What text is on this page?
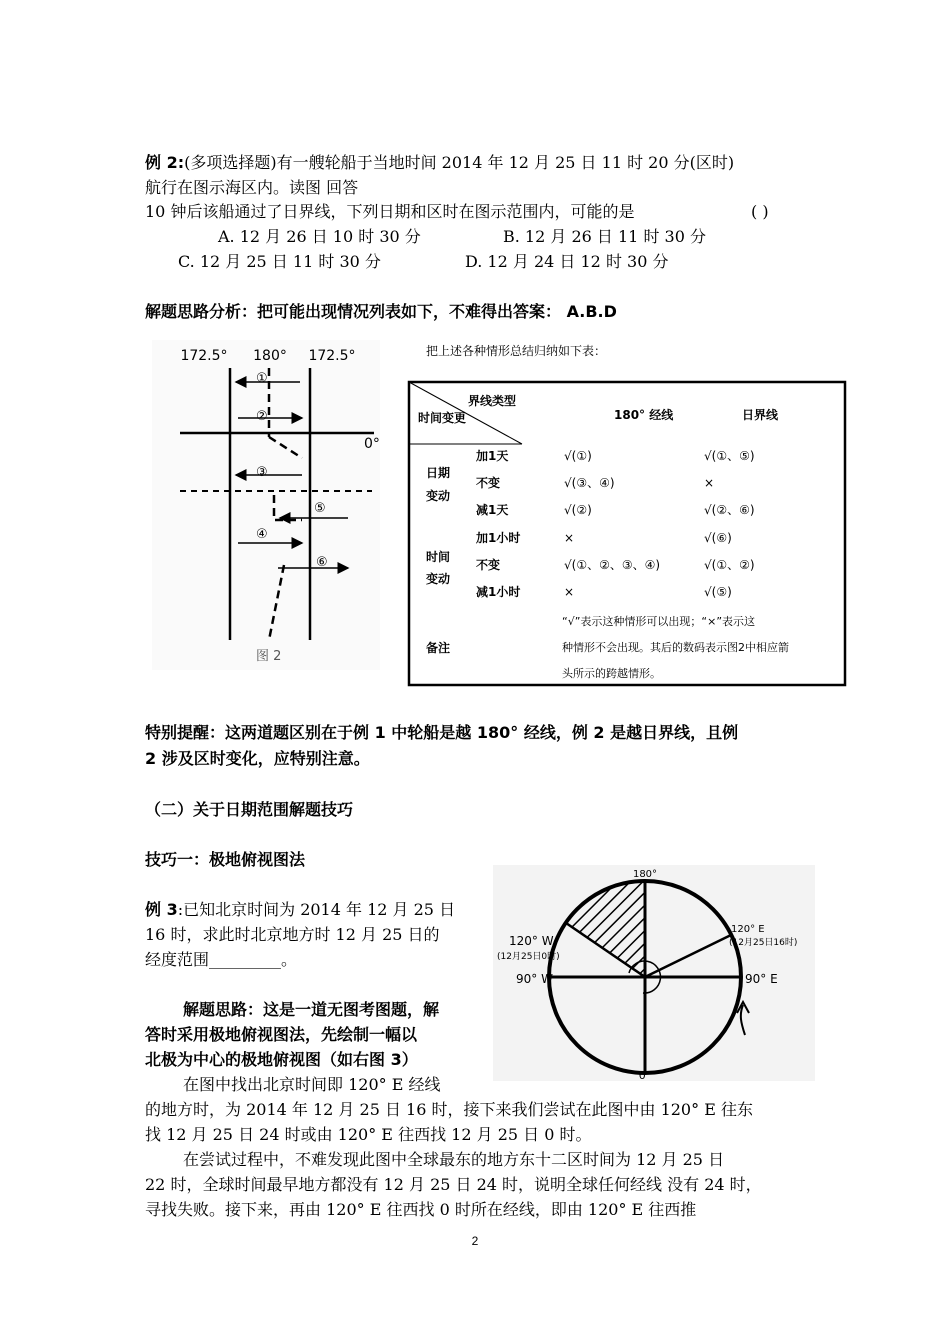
例 2:(多项选择题)有一艘轮船于当地时间 2014 年 12 月 25 日 11 时 20 分(区时)
航行在图示海区内。读图 回答
10 钟后该船通过了日界线，下列日期和区时在图示范围内，可能的是	( )
A. 12 月 26 日 10 时 30 分	B. 12 月 26 日 11 时 30 分
C. 12 月 25 日 11 时 30 分	D. 12 月 24 日 12 时 30 分
解题思路分析：把可能出现情况列表如下，不难得出答案： A.B.D
172.5° 180° 172.5°
0°
①
②
③
④
⑤
⑥
图 2
把上述各种情形总结归纳如下表：
界线类型
时间变更	180° 经线	日界线
日期
变动
时间
变动
备注
加1天	√(①)	√(①、⑤)
不变	√(③、④)	×
减1天	√(②)	√(②、⑥)
加1小时	×	√(⑥)
不变	√(①、②、③、④)	√(①、②)
减1小时	×	√(⑤)
“√”表示这种情形可以出现；“×”表示这
种情形不会出现。其后的数码表示图2中相应箭
头所示的跨越情形。
特别提醒：这两道题区别在于例 1 中轮船是越 180° 经线，例 2 是越日界线，且例
2 涉及区时变化，应特别注意。
（二）关于日期范围解题技巧
技巧一：极地俯视图法
例 3:已知北京时间为 2014 年 12 月 25 日
16 时，求此时北京地方时 12 月 25 日的
经度范围_________。
解题思路：这是一道无图考图题，解
答时采用极地俯视图法，先绘制一幅以
北极为中心的极地俯视图（如右图 3）
在图中找出北京时间即 120° E 经线
的地方时，为 2014 年 12 月 25 日 16 时，接下来我们尝试在此图中由 120° E 往东
找 12 月 25 日 24 时或由 120° E 往西找 12 月 25 日 0 时。
在尝试过程中，不难发现此图中全球最东的地方东十二区时间为 12 月 25 日
22 时，全球时间最早地方都没有 12 月 25 日 24 时，说明全球任何经线 没有 24 时，
寻找失败。接下来，再由 120° E 往西找 0 时所在经线，即由 120° E 往西推
180°
0°
90° W	90° E
120° E
(12月25日16时)
120° W
(12月25日0时)
2
